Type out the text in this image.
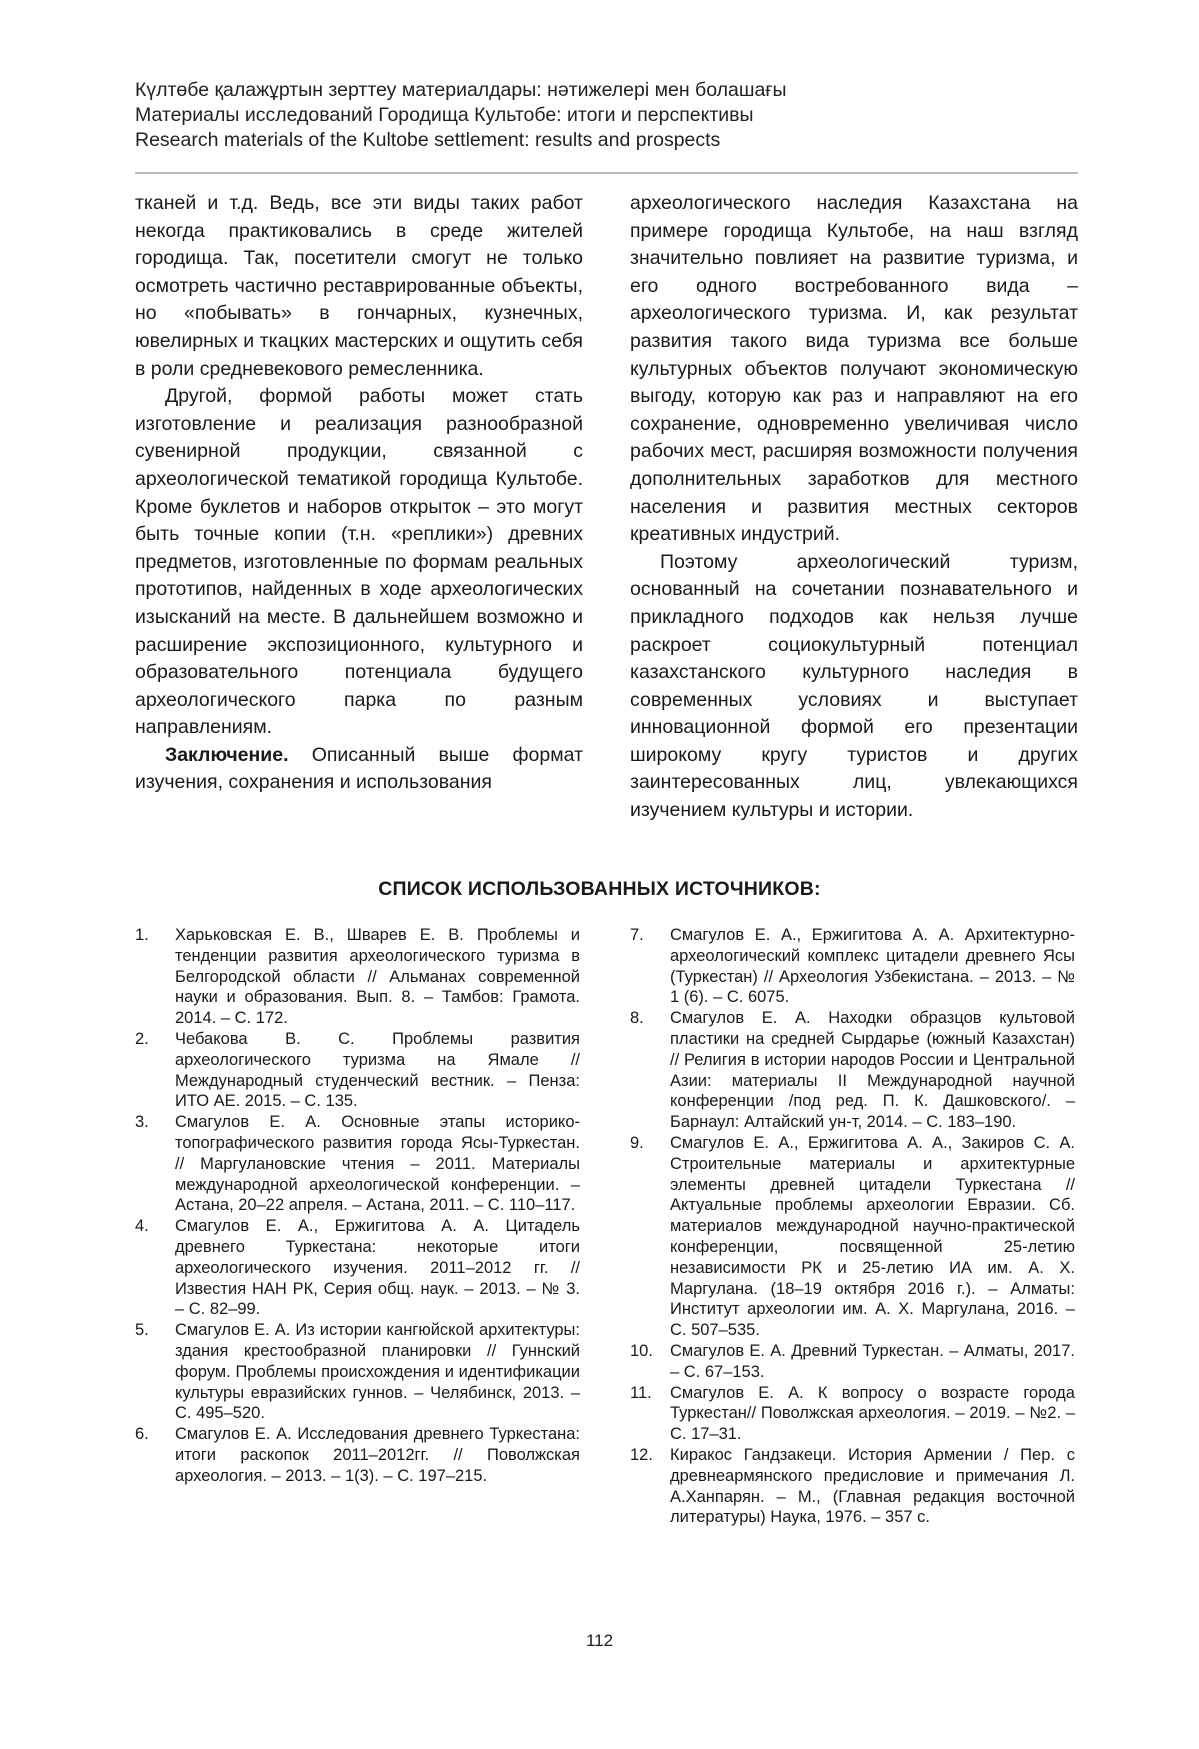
Күлтөбе қалажұртын зерттеу материалдары: нәтижелері мен болашағы
Материалы исследований Городища Культобе: итоги и перспективы
Research materials of the Kultobe settlement: results and prospects

тканей и т.д. Ведь, все эти виды таких работ некогда практиковались в среде жителей городища. Так, посетители смогут не только осмотреть частично реставрированные объекты, но «побывать» в гончарных, кузнечных, ювелирных и ткацких мастерских и ощутить себя в роли средневекового ремесленника.

Другой, формой работы может стать изготовление и реализация разнообразной сувенирной продукции, связанной с археологической тематикой городища Культобе. Кроме буклетов и наборов открыток – это могут быть точные копии (т.н. «реплики») древних предметов, изготовленные по формам реальных прототипов, найденных в ходе археологических изысканий на месте. В дальнейшем возможно и расширение экспозиционного, культурного и образовательного потенциала будущего археологического парка по разным направлениям.

Заключение. Описанный выше формат изучения, сохранения и использования

археологического наследия Казахстана на примере городища Культобе, на наш взгляд значительно повлияет на развитие туризма, и его одного востребованного вида – археологического туризма. И, как результат развития такого вида туризма все больше культурных объектов получают экономическую выгоду, которую как раз и направляют на его сохранение, одновременно увеличивая число рабочих мест, расширяя возможности получения дополнительных заработков для местного населения и развития местных секторов креативных индустрий.

Поэтому археологический туризм, основанный на сочетании познавательного и прикладного подходов как нельзя лучше раскроет социокультурный потенциал казахстанского культурного наследия в современных условиях и выступает инновационной формой его презентации широкому кругу туристов и других заинтересованных лиц, увлекающихся изучением культуры и истории.

СПИСОК ИСПОЛЬЗОВАННЫХ ИСТОЧНИКОВ:
1. Харьковская Е. В., Шварев Е. В. Проблемы и тенденции развития археологического туризма в Белгородской области // Альманах современной науки и образования. Вып. 8. – Тамбов: Грамота. 2014. – С. 172.
2. Чебакова В. С. Проблемы развития археологического туризма на Ямале // Международный студенческий вестник. – Пенза: ИТО АЕ. 2015. – С. 135.
3. Смагулов Е. А. Основные этапы историко-топографического развития города Ясы-Туркестан. // Маргулановские чтения – 2011. Материалы международной археологической конференции. – Астана, 20–22 апреля. – Астана, 2011. – С. 110–117.
4. Смагулов Е. А., Ержигитова А. А. Цитадель древнего Туркестана: некоторые итоги археологического изучения. 2011–2012 гг. // Известия НАН РК, Серия общ. наук. – 2013. – № 3. – С. 82–99.
5. Смагулов Е. А. Из истории кангюйской архитектуры: здания крестообразной планировки // Гуннский форум. Проблемы происхождения и идентификации культуры евразийских гуннов. – Челябинск, 2013. – С. 495–520.
6. Смагулов Е. А. Исследования древнего Туркестана: итоги раскопок 2011–2012гг. // Поволжская археология. – 2013. – 1(3). – С. 197–215.
7. Смагулов Е. А., Ержигитова А. А. Архитектурно-археологический комплекс цитадели древнего Ясы (Туркестан) // Археология Узбекистана. – 2013. – № 1 (6). – С. 6075.
8. Смагулов Е. А. Находки образцов культовой пластики на средней Сырдарье (южный Казахстан) // Религия в истории народов России и Центральной Азии: материалы II Международной научной конференции /под ред. П. К. Дашковского/. – Барнаул: Алтайский ун-т, 2014. – С. 183–190.
9. Смагулов Е. А., Ержигитова А. А., Закиров С. А. Строительные материалы и архитектурные элементы древней цитадели Туркестана // Актуальные проблемы археологии Евразии. Сб. материалов международной научно-практической конференции, посвященной 25-летию независимости РК и 25-летию ИА им. А. Х. Маргулана. (18–19 октября 2016 г.). – Алматы: Институт археологии им. А. Х. Маргулана, 2016. – С. 507–535.
10. Смагулов Е. А. Древний Туркестан. – Алматы, 2017. – С. 67–153.
11. Смагулов Е. А. К вопросу о возрасте города Туркестан// Поволжская археология. – 2019. – №2. – С. 17–31.
12. Киракос Гандзакеци. История Армении / Пер. с древнеармянского предисловие и примечания Л. А.Ханпарян. – М., (Главная редакция восточной литературы) Наука, 1976. – 357 с.
112
